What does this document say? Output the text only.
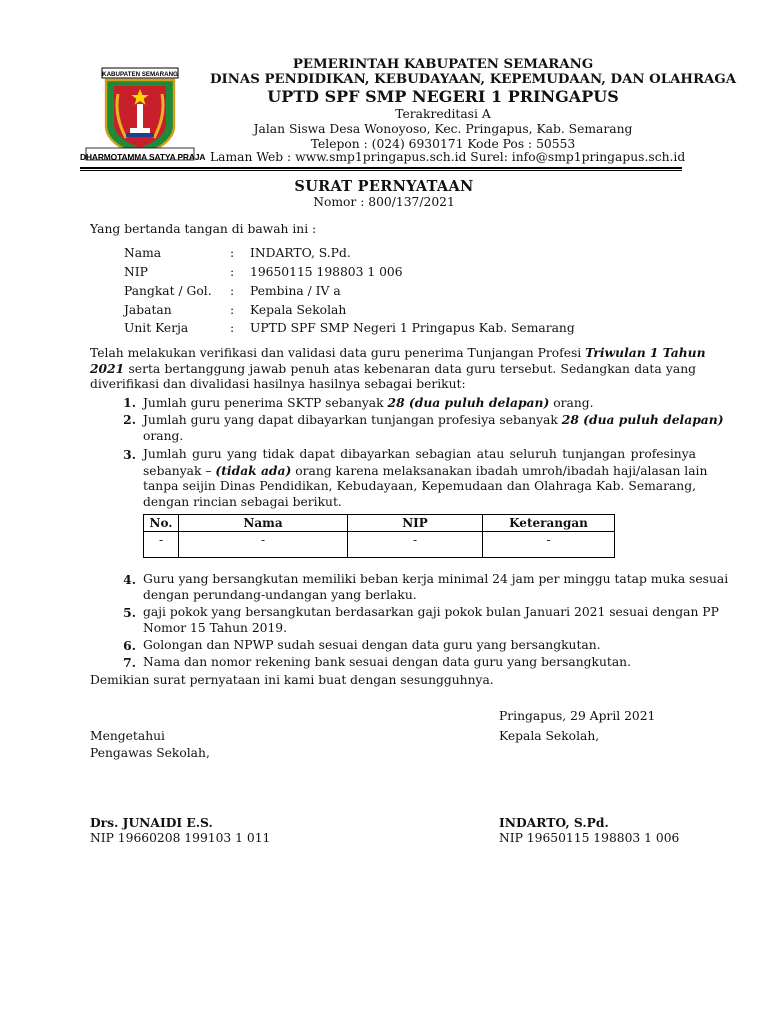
KABUPATEN SEMARANG
DHARMOTAMMA SATYA PRAJA
PEMERINTAH KABUPATEN SEMARANG
DINAS PENDIDIKAN, KEBUDAYAAN, KEPEMUDAAN, DAN OLAHRAGA
UPTD SPF SMP NEGERI 1 PRINGAPUS
Terakreditasi A
Jalan Siswa Desa Wonoyoso, Kec. Pringapus, Kab. Semarang
Telepon : (024) 6930171 Kode Pos : 50553
Laman Web : www.smp1pringapus.sch.id Surel: info@smp1pringapus.sch.id
SURAT PERNYATAAN
Nomor : 800/137/2021
Yang bertanda tangan di bawah ini :
Nama	: INDARTO, S.Pd.
NIP	: 19650115 198803 1 006
Pangkat / Gol. : Pembina / IV a
Jabatan	: Kepala Sekolah
Unit Kerja	: UPTD SPF SMP Negeri 1 Pringapus Kab. Semarang
Telah melakukan verifikasi dan validasi data guru penerima Tunjangan Profesi Triwulan 1 Tahun
2021 serta bertanggung jawab penuh atas kebenaran data guru tersebut. Sedangkan data yang
diverifikasi dan divalidasi hasilnya hasilnya sebagai berikut:
1. Jumlah guru penerima SKTP sebanyak 28 (dua puluh delapan) orang.
2. Jumlah guru yang dapat dibayarkan tunjangan profesiya sebanyak 28 (dua puluh delapan)
orang.
3. Jumlah guru yang tidak dapat dibayarkan sebagian atau seluruh tunjangan profesinya
sebanyak – (tidak ada) orang karena melaksanakan ibadah umroh/ibadah haji/alasan lain
tanpa seijin Dinas Pendidikan, Kebudayaan, Kepemudaan dan Olahraga Kab. Semarang,
dengan rincian sebagai berikut.
No.	Nama	NIP	Keterangan
-	-	-	-
4. Guru yang bersangkutan memiliki beban kerja minimal 24 jam per minggu tatap muka sesuai
dengan perundang-undangan yang berlaku.
5. gaji pokok yang bersangkutan berdasarkan gaji pokok bulan Januari 2021 sesuai dengan PP
Nomor 15 Tahun 2019.
6. Golongan dan NPWP sudah sesuai dengan data guru yang bersangkutan.
7. Nama dan nomor rekening bank sesuai dengan data guru yang bersangkutan.
Demikian surat pernyataan ini kami buat dengan sesungguhnya.
Pringapus, 29 April 2021
Mengetahui	Kepala Sekolah,
Pengawas Sekolah,
Drs. JUNAIDI E.S.	INDARTO, S.Pd.
NIP 19660208 199103 1 011	NIP 19650115 198803 1 006
